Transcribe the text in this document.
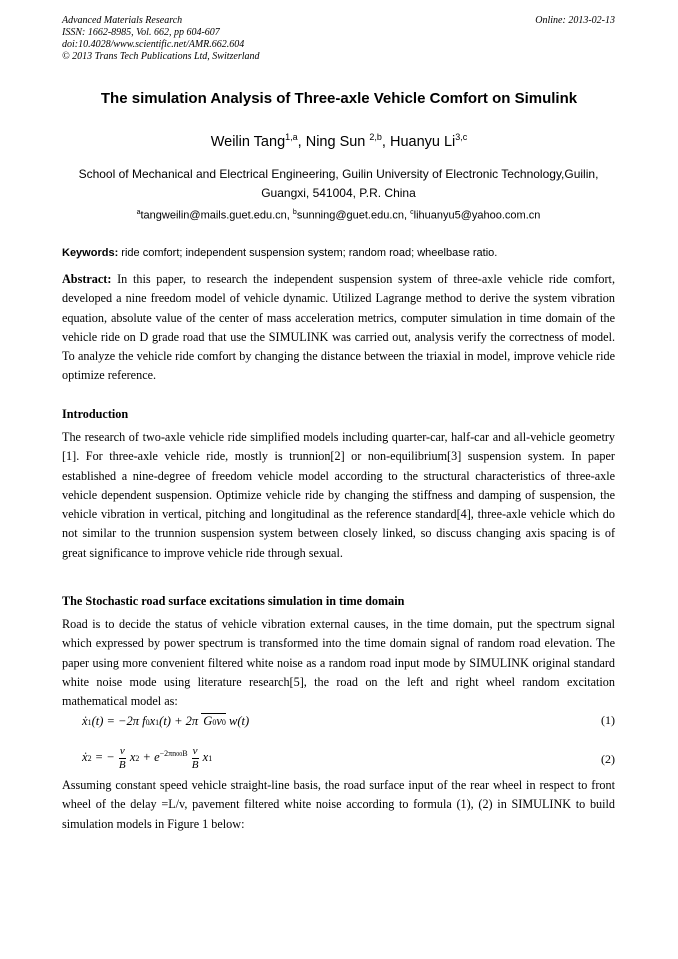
Advanced Materials Research
ISSN: 1662-8985, Vol. 662, pp 604-607
doi:10.4028/www.scientific.net/AMR.662.604
© 2013 Trans Tech Publications Ltd, Switzerland
Online: 2013-02-13
The simulation Analysis of Three-axle Vehicle Comfort on Simulink
Weilin Tang$^{1,a}$, Ning Sun $^{2,b}$, Huanyu Li$^{3,c}$
School of Mechanical and Electrical Engineering, Guilin University of Electronic Technology,Guilin, Guangxi, 541004, P.R. China
$^a$tangweilin@mails.guet.edu.cn, $^b$sunning@guet.edu.cn, $^c$lihuanyu5@yahoo.com.cn
Keywords: ride comfort; independent suspension system; random road; wheelbase ratio.
Abstract: In this paper, to research the independent suspension system of three-axle vehicle ride comfort, developed a nine freedom model of vehicle dynamic. Utilized Lagrange method to derive the system vibration equation, absolute value of the center of mass acceleration metrics, computer simulation in time domain of the vehicle ride on D grade road that use the SIMULINK was carried out, analysis verify the correctness of model. To analyze the vehicle ride comfort by changing the distance between the triaxial in model, improve vehicle ride optimize reference.
Introduction
The research of two-axle vehicle ride simplified models including quarter-car, half-car and all-vehicle geometry [1]. For three-axle vehicle ride, mostly is trunnion[2] or non-equilibrium[3] suspension system. In paper established a nine-degree of freedom vehicle model according to the structural characteristics of three-axle vehicle dependent suspension. Optimize vehicle ride by changing the stiffness and damping of suspension, the vehicle vibration in vertical, pitching and longitudinal as the reference standard[4], three-axle vehicle which do not similar to the trunnion suspension system between closely linked, so discuss changing axis spacing is of great significance to improve vehicle ride through sexual.
The Stochastic road surface excitations simulation in time domain
Road is to decide the status of vehicle vibration external causes, in the time domain, put the spectrum signal which expressed by power spectrum is transformed into the time domain signal of random road elevation. The paper using more convenient filtered white noise as a random road input mode by SIMULINK original standard white noise mode using literature research[5], the road on the left and right wheel random excitation mathematical model as:
ẋ1(t) = −2π f0x1(t) + 2π G0v0 w(t)	(1)
ẋ2 = − $\frac{v}{B} x2 + e^{-2\pi n00B} \frac{v}{B} x1$	(2)
Assuming constant speed vehicle straight-line basis, the road surface input of the rear wheel in respect to front wheel of the delay =L/v, pavement filtered white noise according to formula (1), (2) in SIMULINK to build simulation models in Figure 1 below:
